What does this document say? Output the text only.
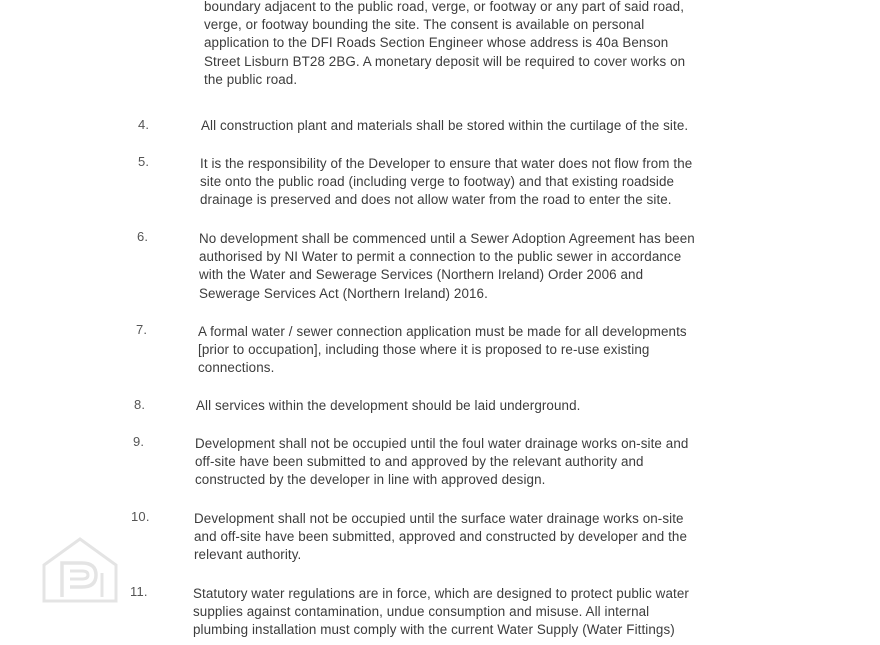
boundary adjacent to the public road, verge, or footway or any part of said road,
verge, or footway bounding the site. The consent is available on personal
application to the DFI Roads Section Engineer whose address is 40a Benson
Street Lisburn BT28 2BG. A monetary deposit will be required to cover works on
the public road.
4.	All construction plant and materials shall be stored within the curtilage of the site.
5.	It is the responsibility of the Developer to ensure that water does not flow from the
site onto the public road (including verge to footway) and that existing roadside
drainage is preserved and does not allow water from the road to enter the site.
6.	No development shall be commenced until a Sewer Adoption Agreement has been
authorised by NI Water to permit a connection to the public sewer in accordance
with the Water and Sewerage Services (Northern Ireland) Order 2006 and
Sewerage Services Act (Northern Ireland) 2016.
7.	A formal water / sewer connection application must be made for all developments
[prior to occupation], including those where it is proposed to re-use existing
connections.
8.	All services within the development should be laid underground.
9.	Development shall not be occupied until the foul water drainage works on-site and
off-site have been submitted to and approved by the relevant authority and
constructed by the developer in line with approved design.
10.	Development shall not be occupied until the surface water drainage works on-site
and off-site have been submitted, approved and constructed by developer and the
relevant authority.
11.	Statutory water regulations are in force, which are designed to protect public water
supplies against contamination, undue consumption and misuse. All internal
plumbing installation must comply with the current Water Supply (Water Fittings)
